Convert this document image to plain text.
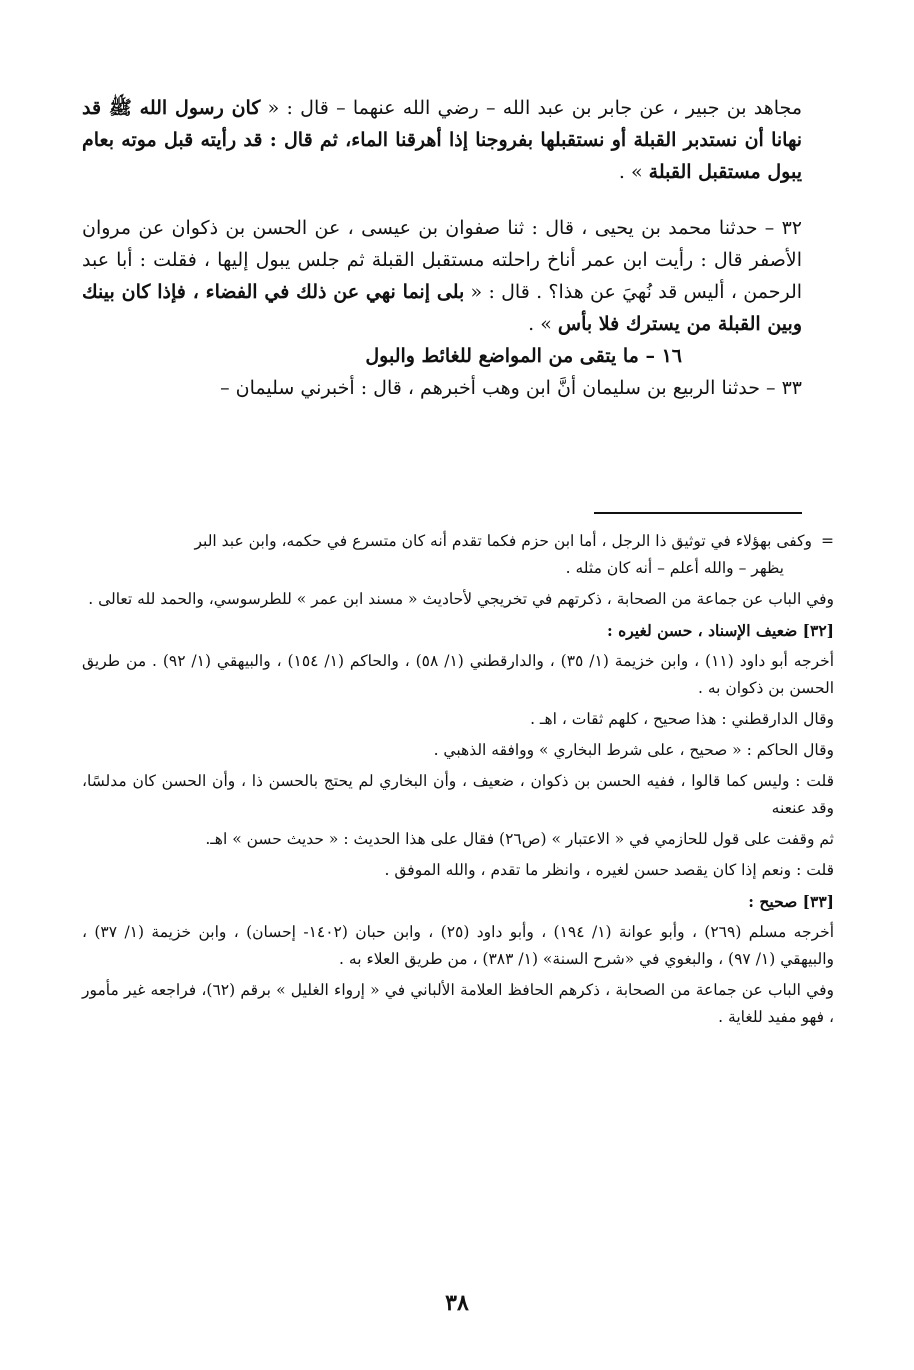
مجاهد بن جبير ، عن جابر بن عبد الله – رضي الله عنهما – قال : « كان رسول الله ﷺ قد نهانا أن نستدبر القبلة أو نستقبلها بفروجنا إذا أهرقنا الماء، ثم قال : قد رأيته قبل موته بعام يبول مستقبل القبلة » .

٣٢ – حدثنا محمد بن يحيى ، قال : ثنا صفوان بن عيسى ، عن الحسن بن ذكوان عن مروان الأصفر قال : رأيت ابن عمر أناخ راحلته مستقبل القبلة ثم جلس يبول إليها ، فقلت : أبا عبد الرحمن ، أليس قد نُهيَ عن هذا؟ . قال : « بلى إنما نهي عن ذلك في الفضاء ، فإذا كان بينك وبين القبلة من يسترك فلا بأس » .

١٦ – ما يتقى من المواضع للغائط والبول

٣٣ – حدثنا الربيع بن سليمان أنَّ ابن وهب أخبرهم ، قال : أخبرني سليمان –

=
وكفى بهؤلاء في توثيق ذا الرجل ، أما ابن حزم فكما تقدم أنه كان متسرع في حكمه، وابن عبد البر
يظهر – والله أعلم – أنه كان مثله .

وفي الباب عن جماعة من الصحابة ، ذكرتهم في تخريجي لأحاديث « مسند ابن عمر » للطرسوسي، والحمد لله تعالى .

[٣٢] ضعيف الإسناد ، حسن لغيره :

أخرجه أبو داود (١١) ، وابن خزيمة (١/ ٣٥) ، والدارقطني (١/ ٥٨) ، والحاكم (١/ ١٥٤) ، والبيهقي (١/ ٩٢) . من طريق الحسن بن ذكوان به .

وقال الدارقطني : هذا صحيح ، كلهم ثقات ، اهـ .

وقال الحاكم : « صحيح ، على شرط البخاري » ووافقه الذهبي .

قلت : وليس كما قالوا ، ففيه الحسن بن ذكوان ، ضعيف ، وأن البخاري لم يحتج بالحسن ذا ، وأن الحسن كان مدلسًا، وقد عنعنه

ثم وقفت على قول للحازمي في « الاعتبار » (ص٢٦) فقال على هذا الحديث : « حديث حسن » اهـ.

قلت : ونعم إذا كان يقصد حسن لغيره ، وانظر ما تقدم ، والله الموفق .

[٣٣] صحيح :

أخرجه مسلم (٢٦٩) ، وأبو عوانة (١/ ١٩٤) ، وأبو داود (٢٥) ، وابن حبان (١٤٠٢- إحسان) ، وابن خزيمة (١/ ٣٧) ، والبيهقي (١/ ٩٧) ، والبغوي في «شرح السنة» (١/ ٣٨٣) ، من طريق العلاء به .

وفي الباب عن جماعة من الصحابة ، ذكرهم الحافظ العلامة الألباني في « إرواء الغليل » برقم (٦٢)، فراجعه غير مأمور ، فهو مفيد للغاية .

٣٨
